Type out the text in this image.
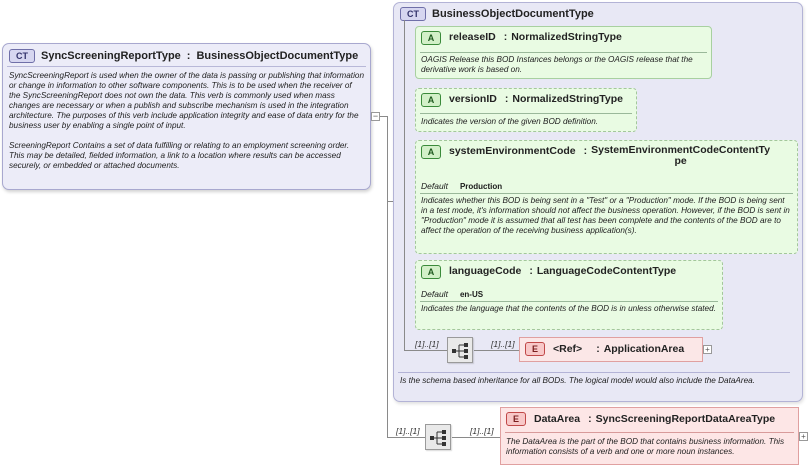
CT	SyncScreeningReportType : BusinessObjectDocumentType
SyncScreeningReport is used when the owner of the data is passing or publishing that information or change in information to other software components. This is to be used when the receiver of the SyncScreeningReport does not own the data. This verb is commonly used when mass changes are necessary or when a publish and subscribe mechanism is used in the integration architecture. The purposes of this verb include application integrity and ease of data entry for the business user by enabling a single point of input.
ScreeningReport Contains a set of data fulfilling or relating to an employment screening order. This may be detailed, fielded information, a link to a location where results can be accessed securely, or embedded or attached documents.
−
CT	BusinessObjectDocumentType
Is the schema based inheritance for all BODs. The logical model would also include the DataArea.
A	releaseID : NormalizedStringType
OAGIS Release this BOD Instances belongs or the OAGIS release that the derivative work is based on.
A	versionID : NormalizedStringType
Indicates the version of the given BOD definition.
A	systemEnvironmentCode : SystemEnvironmentCodeContentTy
pe
Default Production
Indicates whether this BOD is being sent in a "Test" or a "Production" mode. If the BOD is being sent in a test mode, it's information should not affect the business operation. However, if the BOD is sent in "Production" mode it is assumed that all test has been complete and the contents of the BOD are to affect the operation of the receiving business application(s).
A	languageCode : LanguageCodeContentType
Default en-US
Indicates the language that the contents of the BOD is in unless otherwise stated.
[1]..[1]	[1]..[1]	E	<Ref> : ApplicationArea	+
[1]..[1]	[1]..[1]
E	DataArea : SyncScreeningReportDataAreaType
The DataArea is the part of the BOD that contains business information. This information consists of a verb and one or more noun instances.
+
